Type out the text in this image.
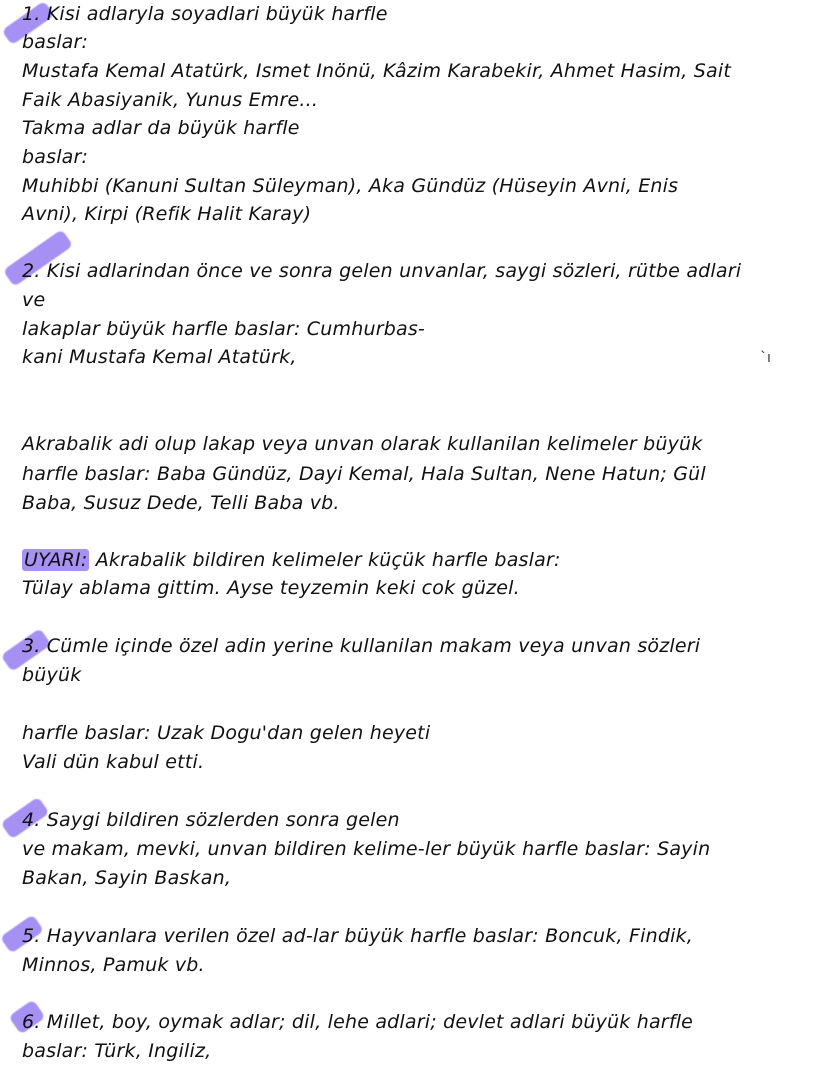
1. Kisi adlaryla soyadlari büyük harfle
baslar:
Mustafa Kemal Atatürk, Ismet Inönü, Kâzim Karabekir, Ahmet Hasim, Sait
Faik Abasiyanik, Yunus Emre...
Takma adlar da büyük harfle
baslar:
Muhibbi (Kanuni Sultan Süleyman), Aka Gündüz (Hüseyin Avni, Enis
Avni), Kirpi (Refik Halit Karay)
2. Kisi adlarindan önce ve sonra gelen unvanlar, saygi sözleri, rütbe adlari
ve
lakaplar büyük harfle baslar: Cumhurbas-
kani Mustafa Kemal Atatürk,	`ı
Akrabalik adi olup lakap veya unvan olarak kullanilan kelimeler büyük
harfle baslar: Baba Gündüz, Dayi Kemal, Hala Sultan, Nene Hatun; Gül
Baba, Susuz Dede, Telli Baba vb.
UYARI: Akrabalik bildiren kelimeler küçük harfle baslar:
Tülay ablama gittim. Ayse teyzemin keki cok güzel.
3. Cümle içinde özel adin yerine kullanilan makam veya unvan sözleri
büyük
harfle baslar: Uzak Dogu'dan gelen heyeti
Vali dün kabul etti.
4. Saygi bildiren sözlerden sonra gelen
ve makam, mevki, unvan bildiren kelime-ler büyük harfle baslar: Sayin
Bakan, Sayin Baskan,
5. Hayvanlara verilen özel ad-lar büyük harfle baslar: Boncuk, Findik,
Minnos, Pamuk vb.
6. Millet, boy, oymak adlar; dil, lehe adlari; devlet adlari büyük harfle
baslar: Türk, Ingiliz,
